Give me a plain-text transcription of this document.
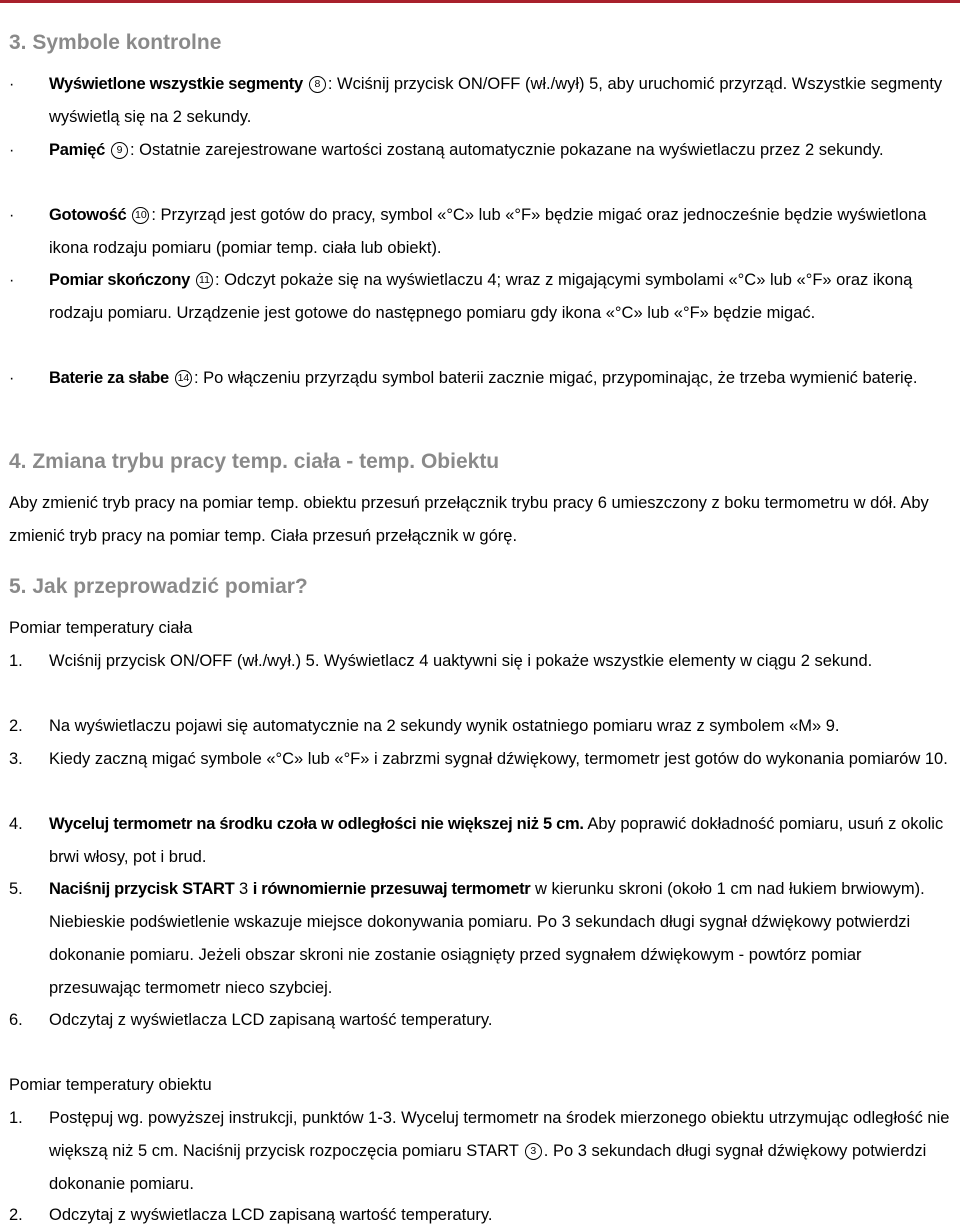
3. Symbole kontrolne
· Wyświetlone wszystkie segmenty 8 : Wciśnij przycisk ON/OFF (wł./wył) 5, aby uruchomić przyrząd. Wszystkie segmenty wyświetlą się na 2 sekundy.
· Pamięć 9 : Ostatnie zarejestrowane wartości zostaną automatycznie pokazane na wyświetlaczu przez 2 sekundy.
· Gotowość 10 : Przyrząd jest gotów do pracy, symbol «°C» lub «°F» będzie migać oraz jednocześnie będzie wyświetlona ikona rodzaju pomiaru (pomiar temp. ciała lub obiekt).
· Pomiar skończony 11 : Odczyt pokaże się na wyświetlaczu 4; wraz z migającymi symbolami «°C» lub «°F» oraz ikoną rodzaju pomiaru. Urządzenie jest gotowe do następnego pomiaru gdy ikona «°C» lub «°F» będzie migać.
· Baterie za słabe 14 : Po włączeniu przyrządu symbol baterii zacznie migać, przypominając, że trzeba wymienić baterię.
4. Zmiana trybu pracy temp. ciała - temp. Obiektu
Aby zmienić tryb pracy na pomiar temp. obiektu przesuń przełącznik trybu pracy 6 umieszczony z boku termometru w dół. Aby zmienić tryb pracy na pomiar temp. Ciała przesuń przełącznik w górę.
5. Jak przeprowadzić pomiar?
Pomiar temperatury ciała
1. Wciśnij przycisk ON/OFF (wł./wył.) 5. Wyświetlacz 4 uaktywni się i pokaże wszystkie elementy w ciągu 2 sekund.
2. Na wyświetlaczu pojawi się automatycznie na 2 sekundy wynik ostatniego pomiaru wraz z symbolem «M» 9.
3. Kiedy zaczną migać symbole «°C» lub «°F» i zabrzmi sygnał dźwiękowy, termometr jest gotów do wykonania pomiarów 10.
4. Wyceluj termometr na środku czoła w odległości nie większej niż 5 cm. Aby poprawić dokładność pomiaru, usuń z okolic brwi włosy, pot i brud.
5. Naciśnij przycisk START 3 i równomiernie przesuwaj termometr w kierunku skroni (około 1 cm nad łukiem brwiowym). Niebieskie podświetlenie wskazuje miejsce dokonywania pomiaru. Po 3 sekundach długi sygnał dźwiękowy potwierdzi dokonanie pomiaru. Jeżeli obszar skroni nie zostanie osiągnięty przed sygnałem dźwiękowym - powtórz pomiar przesuwając termometr nieco szybciej.
6. Odczytaj z wyświetlacza LCD zapisaną wartość temperatury.
Pomiar temperatury obiektu
1. Postępuj wg. powyższej instrukcji, punktów 1-3. Wyceluj termometr na środek mierzonego obiektu utrzymując odległość nie większą niż 5 cm. Naciśnij przycisk rozpoczęcia pomiaru START 3 . Po 3 sekundach długi sygnał dźwiękowy potwierdzi dokonanie pomiaru.
2. Odczytaj z wyświetlacza LCD zapisaną wartość temperatury.
